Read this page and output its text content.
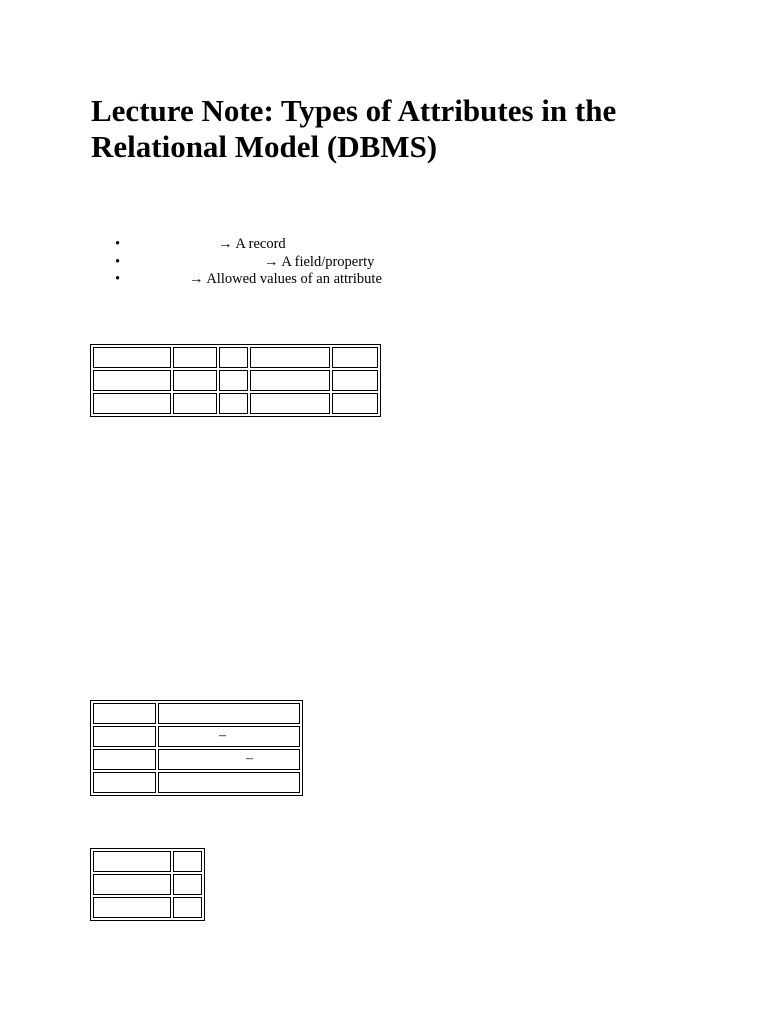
Lecture Note: Types of Attributes in the Relational Model (DBMS)
•	→ A record
•	→ A field/property
•	→ Allowed values of an attribute

	–

	–
